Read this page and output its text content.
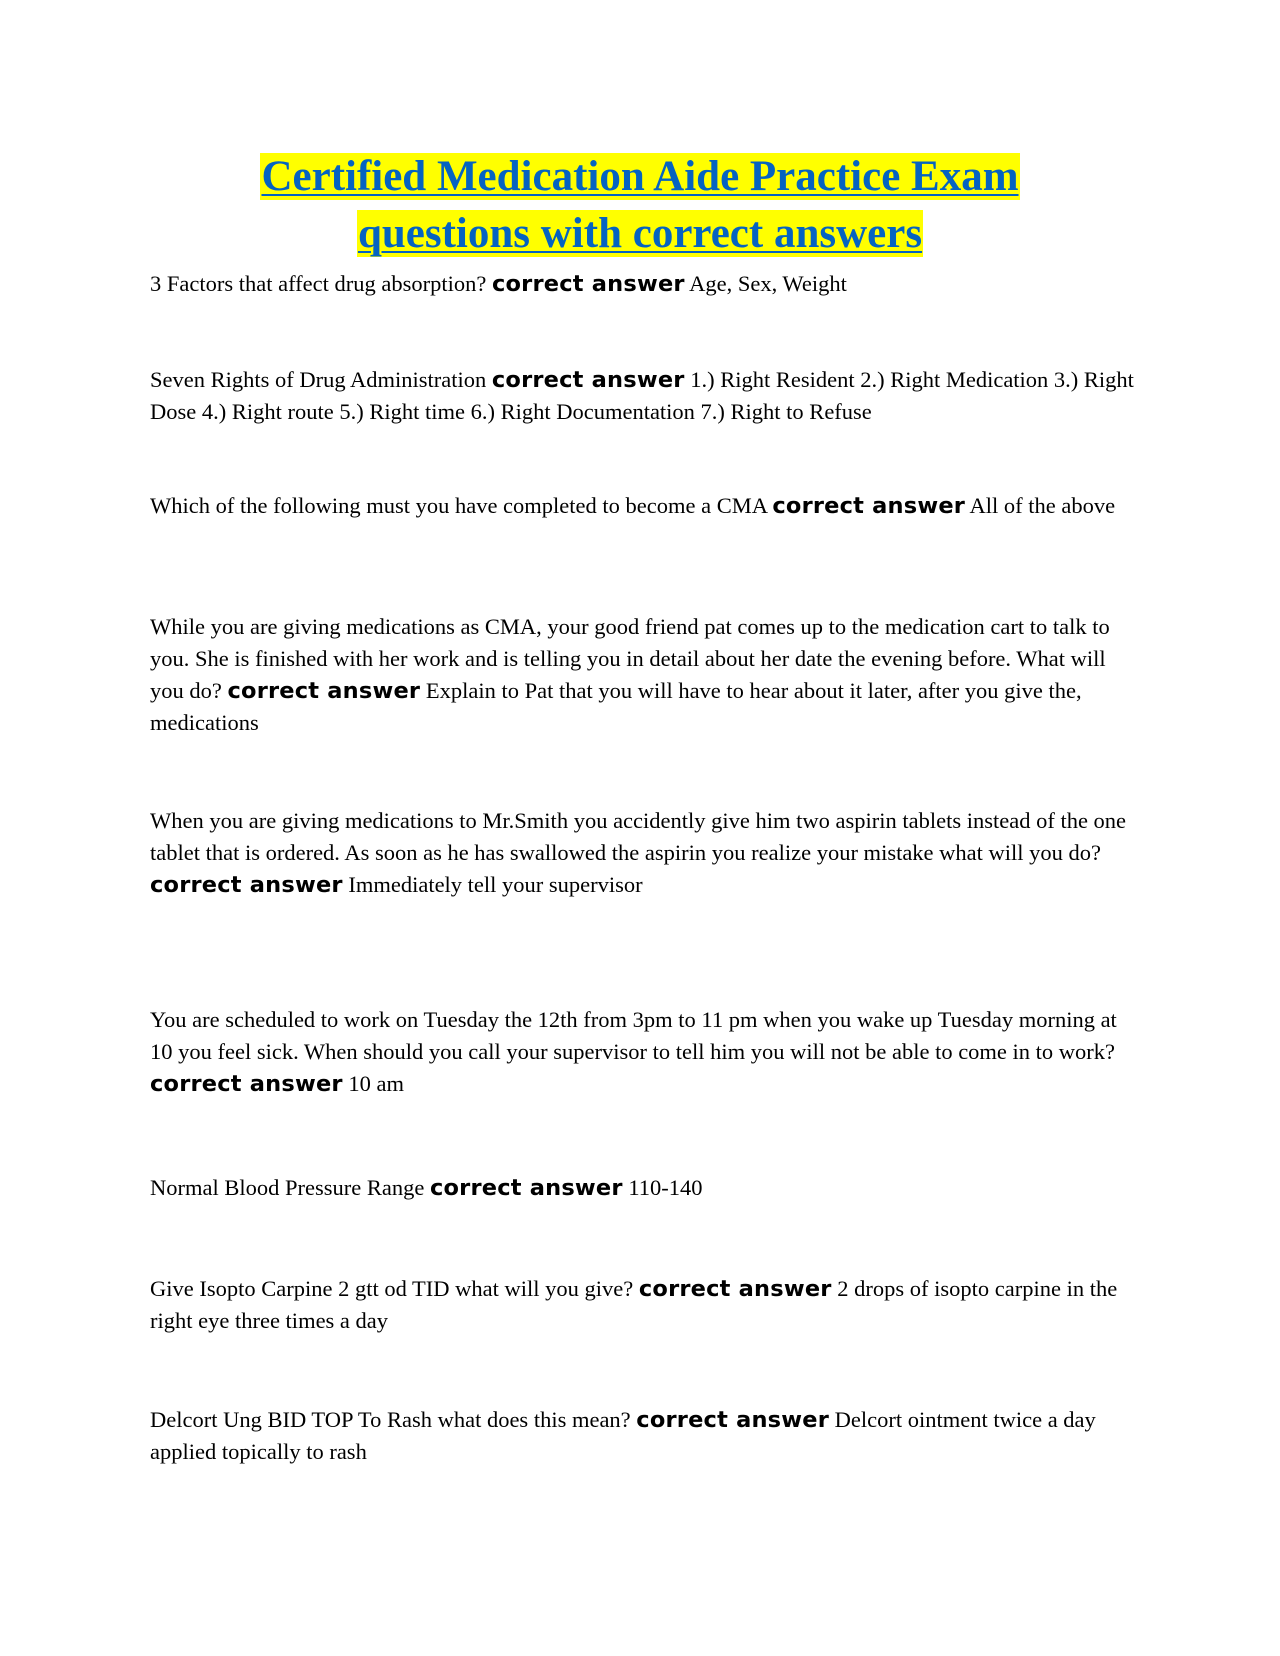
Certified Medication Aide Practice Exam
questions with correct answers

3 Factors that affect drug absorption? correct answer Age, Sex, Weight

Seven Rights of Drug Administration correct answer 1.) Right Resident 2.) Right Medication 3.) Right Dose 4.) Right route 5.) Right time 6.) Right Documentation 7.) Right to Refuse

Which of the following must you have completed to become a CMA correct answer All of the above

While you are giving medications as CMA, your good friend pat comes up to the medication cart to talk to you. She is finished with her work and is telling you in detail about her date the evening before. What will you do? correct answer Explain to Pat that you will have to hear about it later, after you give the, medications

When you are giving medications to Mr.Smith you accidently give him two aspirin tablets instead of the one tablet that is ordered. As soon as he has swallowed the aspirin you realize your mistake what will you do? correct answer Immediately tell your supervisor

You are scheduled to work on Tuesday the 12th from 3pm to 11 pm when you wake up Tuesday morning at 10 you feel sick. When should you call your supervisor to tell him you will not be able to come in to work? correct answer 10 am

Normal Blood Pressure Range correct answer 110-140

Give Isopto Carpine 2 gtt od TID what will you give? correct answer 2 drops of isopto carpine in the right eye three times a day

Delcort Ung BID TOP To Rash what does this mean? correct answer Delcort ointment twice a day applied topically to rash
